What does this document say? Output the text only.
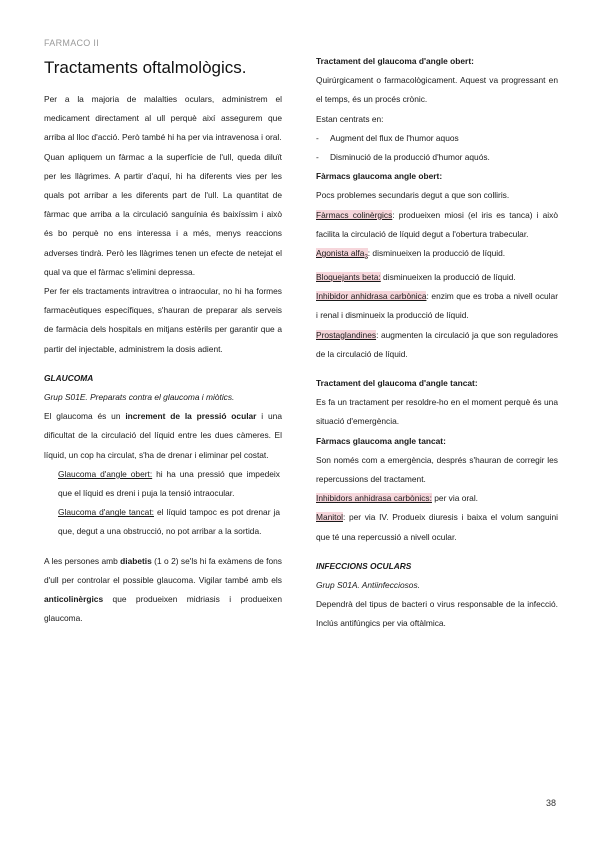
FARMACO II
Tractaments oftalmològics.

Per a la majoria de malalties oculars, administrem el medicament directament al ull perquè així assegurem que arriba al lloc d'acció. Però també hi ha per via intravenosa i oral.

Quan apliquem un fàrmac a la superfície de l'ull, queda diluït per les llàgrimes. A partir d'aquí, hi ha diferents vies per les quals pot arribar a les diferents part de l'ull. La quantitat de fàrmac que arriba a la circulació sanguínia és baixíssim i això és bo perquè no ens interessa i a més, menys reaccions adverses tindrà. Però les llàgrimes tenen un efecte de netejat el qual va que el fàrmac s'elimini depressa.

Per fer els tractaments intravitrea o intraocular, no hi ha formes farmacèutiques específiques, s'hauran de preparar als serveis de farmàcia dels hospitals en mitjans estèrils per garantir que a partir del injectable, administrem la dosis adient.

GLAUCOMA

Grup S01E. Preparats contra el glaucoma i miòtics.

El glaucoma és un increment de la pressió ocular i una dificultat de la circulació del líquid entre les dues càmeres. El líquid, un cop ha circulat, s'ha de drenar i eliminar pel costat.

Glaucoma d'angle obert: hi ha una pressió que impedeix que el líquid es dreni i puja la tensió intraocular.

Glaucoma d'angle tancat: el líquid tampoc es pot drenar ja que, degut a una obstrucció, no pot arribar a la sortida.

A les persones amb diabetis (1 o 2) se'ls hi fa exàmens de fons d'ull per controlar el possible glaucoma. Vigilar també amb els anticolinèrgics que produeixen midriasis i produeixen glaucoma.

Tractament del glaucoma d'angle obert:

Quirúrgicament o farmacològicament. Aquest va progressant en el temps, és un procés crònic.

Estan centrats en:

- Augment del flux de l'humor aquos
- Disminució de la producció d'humor aquós.

Fàrmacs glaucoma angle obert:

Pocs problemes secundaris degut a que son colliris.

Fàrmacs colinèrgics: produeixen miosi (el iris es tanca) i això facilita la circulació de líquid degut a l'obertura trabecular.

Agonista alfa$_2$: disminueixen la producció de líquid.

Bloquejants beta: disminueixen la producció de líquid.

Inhibidor anhidrasa carbònica: enzim que es troba a nivell ocular i renal i disminueix la producció de líquid.

Prostaglandines: augmenten la circulació ja que son reguladores de la circulació de líquid.

Tractament del glaucoma d'angle tancat:

Es fa un tractament per resoldre-ho en el moment perquè és una situació d'emergència.

Fàrmacs glaucoma angle tancat:

Son només com a emergència, després s'hauran de corregir les repercussions del tractament.

Inhibidors anhidrasa carbònics: per via oral.

Manitol: per via IV. Produeix diuresis i baixa el volum sanguini que té una repercussió a nivell ocular.

INFECCIONS OCULARS

Grup S01A. Antiinfecciosos.

Dependrà del tipus de bacteri o virus responsable de la infecció. Inclús antifúngics per via oftàlmica.

38
